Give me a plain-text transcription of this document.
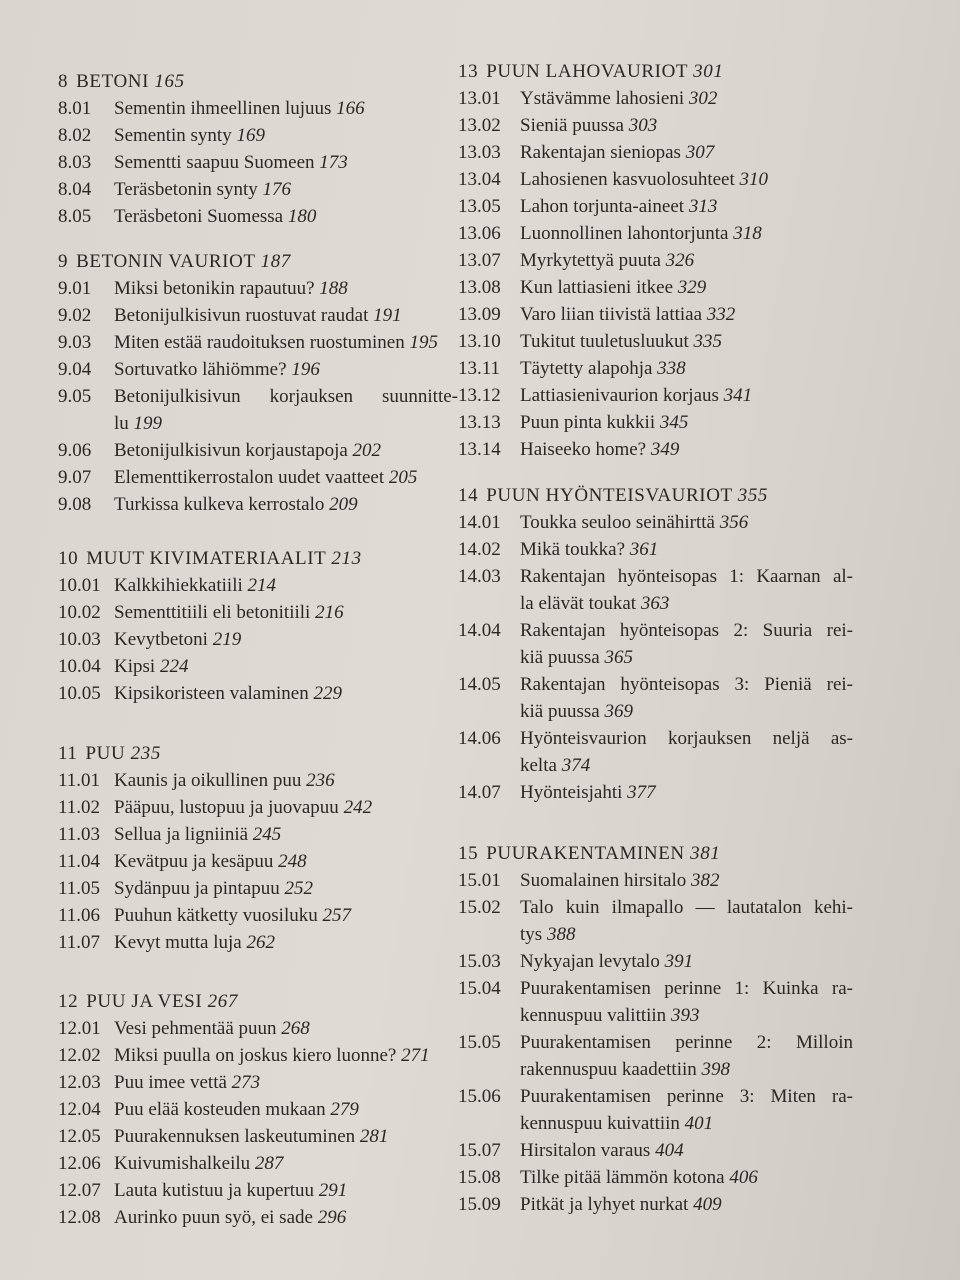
8 BETONI 165
8.01	Sementin ihmeellinen lujuus 166
8.02	Sementin synty 169
8.03	Sementti saapuu Suomeen 173
8.04	Teräsbetonin synty 176
8.05	Teräsbetoni Suomessa 180
9 BETONIN VAURIOT 187
9.01	Miksi betonikin rapautuu? 188
9.02	Betonijulkisivun ruostuvat raudat 191
9.03	Miten estää raudoituksen ruostuminen 195
9.04	Sortuvatko lähiömme? 196
9.05	Betonijulkisivun korjauksen suunnitte-
lu 199
9.06	Betonijulkisivun korjaustapoja 202
9.07	Elementtikerrostalon uudet vaatteet 205
9.08	Turkissa kulkeva kerrostalo 209
10 MUUT KIVIMATERIAALIT 213
10.01 Kalkkihiekkatiili 214
10.02 Sementtitiili eli betonitiili 216
10.03 Kevytbetoni 219
10.04 Kipsi 224
10.05 Kipsikoristeen valaminen 229
11 PUU 235
11.01 Kaunis ja oikullinen puu 236
11.02 Pääpuu, lustopuu ja juovapuu 242
11.03 Sellua ja ligniiniä 245
11.04 Kevätpuu ja kesäpuu 248
11.05 Sydänpuu ja pintapuu 252
11.06 Puuhun kätketty vuosiluku 257
11.07 Kevyt mutta luja 262
12 PUU JA VESI 267
12.01 Vesi pehmentää puun 268
12.02 Miksi puulla on joskus kiero luonne? 271
12.03 Puu imee vettä 273
12.04 Puu elää kosteuden mukaan 279
12.05 Puurakennuksen laskeutuminen 281
12.06 Kuivumishalkeilu 287
12.07 Lauta kutistuu ja kupertuu 291
12.08 Aurinko puun syö, ei sade 296
13 PUUN LAHOVAURIOT 301
13.01	Ystävämme lahosieni 302
13.02	Sieniä puussa 303
13.03	Rakentajan sieniopas 307
13.04	Lahosienen kasvuolosuhteet 310
13.05	Lahon torjunta-aineet 313
13.06	Luonnollinen lahontorjunta 318
13.07	Myrkytettyä puuta 326
13.08	Kun lattiasieni itkee 329
13.09	Varo liian tiivistä lattiaa 332
13.10	Tukitut tuuletusluukut 335
13.11	Täytetty alapohja 338
13.12	Lattiasienivaurion korjaus 341
13.13	Puun pinta kukkii 345
13.14	Haiseeko home? 349
14 PUUN HYÖNTEISVAURIOT 355
14.01	Toukka seuloo seinähirttä 356
14.02	Mikä toukka? 361
14.03	Rakentajan hyönteisopas 1: Kaarnan al-
la elävät toukat 363
14.04	Rakentajan hyönteisopas 2: Suuria rei-
kiä puussa 365
14.05	Rakentajan hyönteisopas 3: Pieniä rei-
kiä puussa 369
14.06	Hyönteisvaurion korjauksen neljä as-
kelta 374
14.07	Hyönteisjahti 377
15 PUURAKENTAMINEN 381
15.01	Suomalainen hirsitalo 382
15.02	Talo kuin ilmapallo — lautatalon kehi-
tys 388
15.03	Nykyajan levytalo 391
15.04	Puurakentamisen perinne 1: Kuinka ra-
kennuspuu valittiin 393
15.05	Puurakentamisen perinne 2: Milloin
rakennuspuu kaadettiin 398
15.06	Puurakentamisen perinne 3: Miten ra-
kennuspuu kuivattiin 401
15.07	Hirsitalon varaus 404
15.08	Tilke pitää lämmön kotona 406
15.09	Pitkät ja lyhyet nurkat 409
